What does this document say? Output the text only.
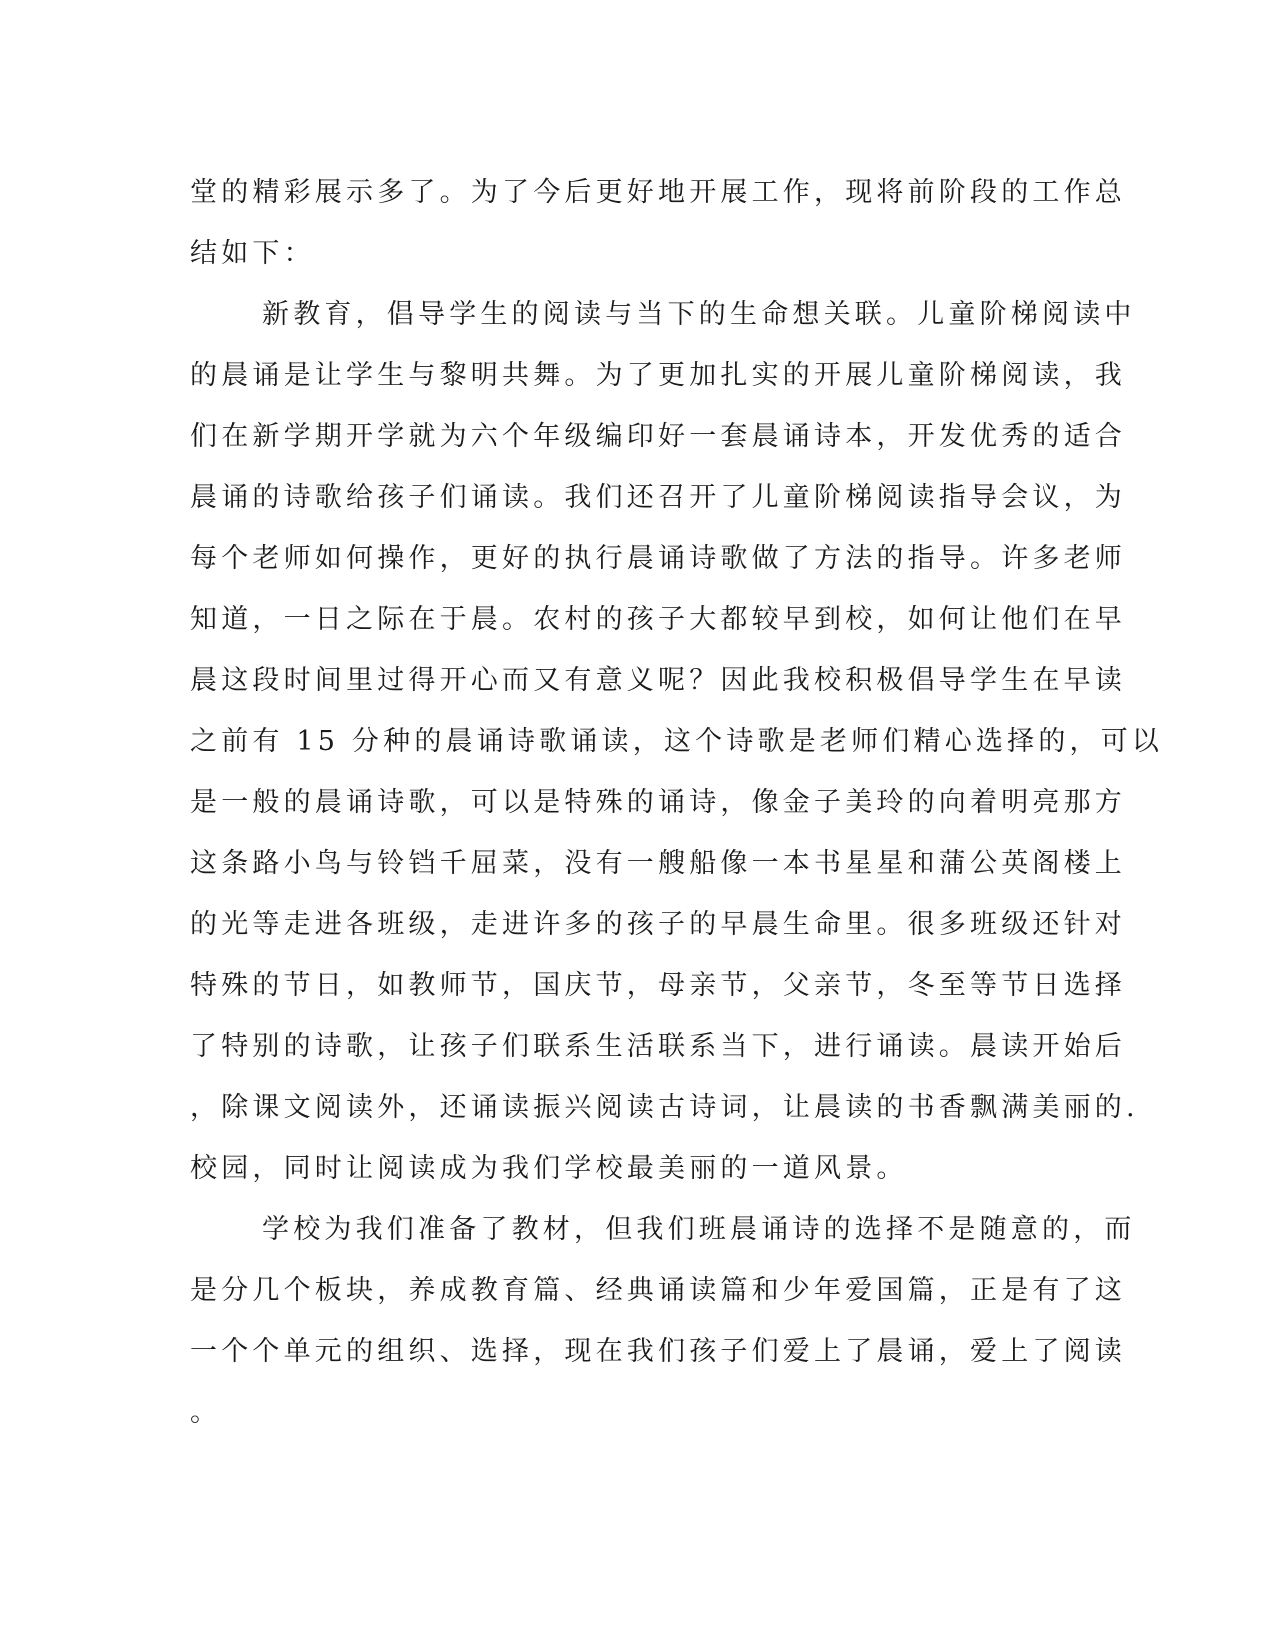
堂的精彩展示多了。为了今后更好地开展工作，现将前阶段的工作总
结如下：
新教育，倡导学生的阅读与当下的生命想关联。儿童阶梯阅读中
的晨诵是让学生与黎明共舞。为了更加扎实的开展儿童阶梯阅读，我
们在新学期开学就为六个年级编印好一套晨诵诗本，开发优秀的适合
晨诵的诗歌给孩子们诵读。我们还召开了儿童阶梯阅读指导会议，为
每个老师如何操作，更好的执行晨诵诗歌做了方法的指导。许多老师
知道，一日之际在于晨。农村的孩子大都较早到校，如何让他们在早
晨这段时间里过得开心而又有意义呢？因此我校积极倡导学生在早读
之前有 15 分种的晨诵诗歌诵读，这个诗歌是老师们精心选择的，可以
是一般的晨诵诗歌，可以是特殊的诵诗，像金子美玲的向着明亮那方
这条路小鸟与铃铛千屈菜，没有一艘船像一本书星星和蒲公英阁楼上
的光等走进各班级，走进许多的孩子的早晨生命里。很多班级还针对
特殊的节日，如教师节，国庆节，母亲节，父亲节，冬至等节日选择
了特别的诗歌，让孩子们联系生活联系当下，进行诵读。晨读开始后
，除课文阅读外，还诵读振兴阅读古诗词，让晨读的书香飘满美丽的.
校园，同时让阅读成为我们学校最美丽的一道风景。
学校为我们准备了教材，但我们班晨诵诗的选择不是随意的，而
是分几个板块，养成教育篇、经典诵读篇和少年爱国篇，正是有了这
一个个单元的组织、选择，现在我们孩子们爱上了晨诵，爱上了阅读
。
